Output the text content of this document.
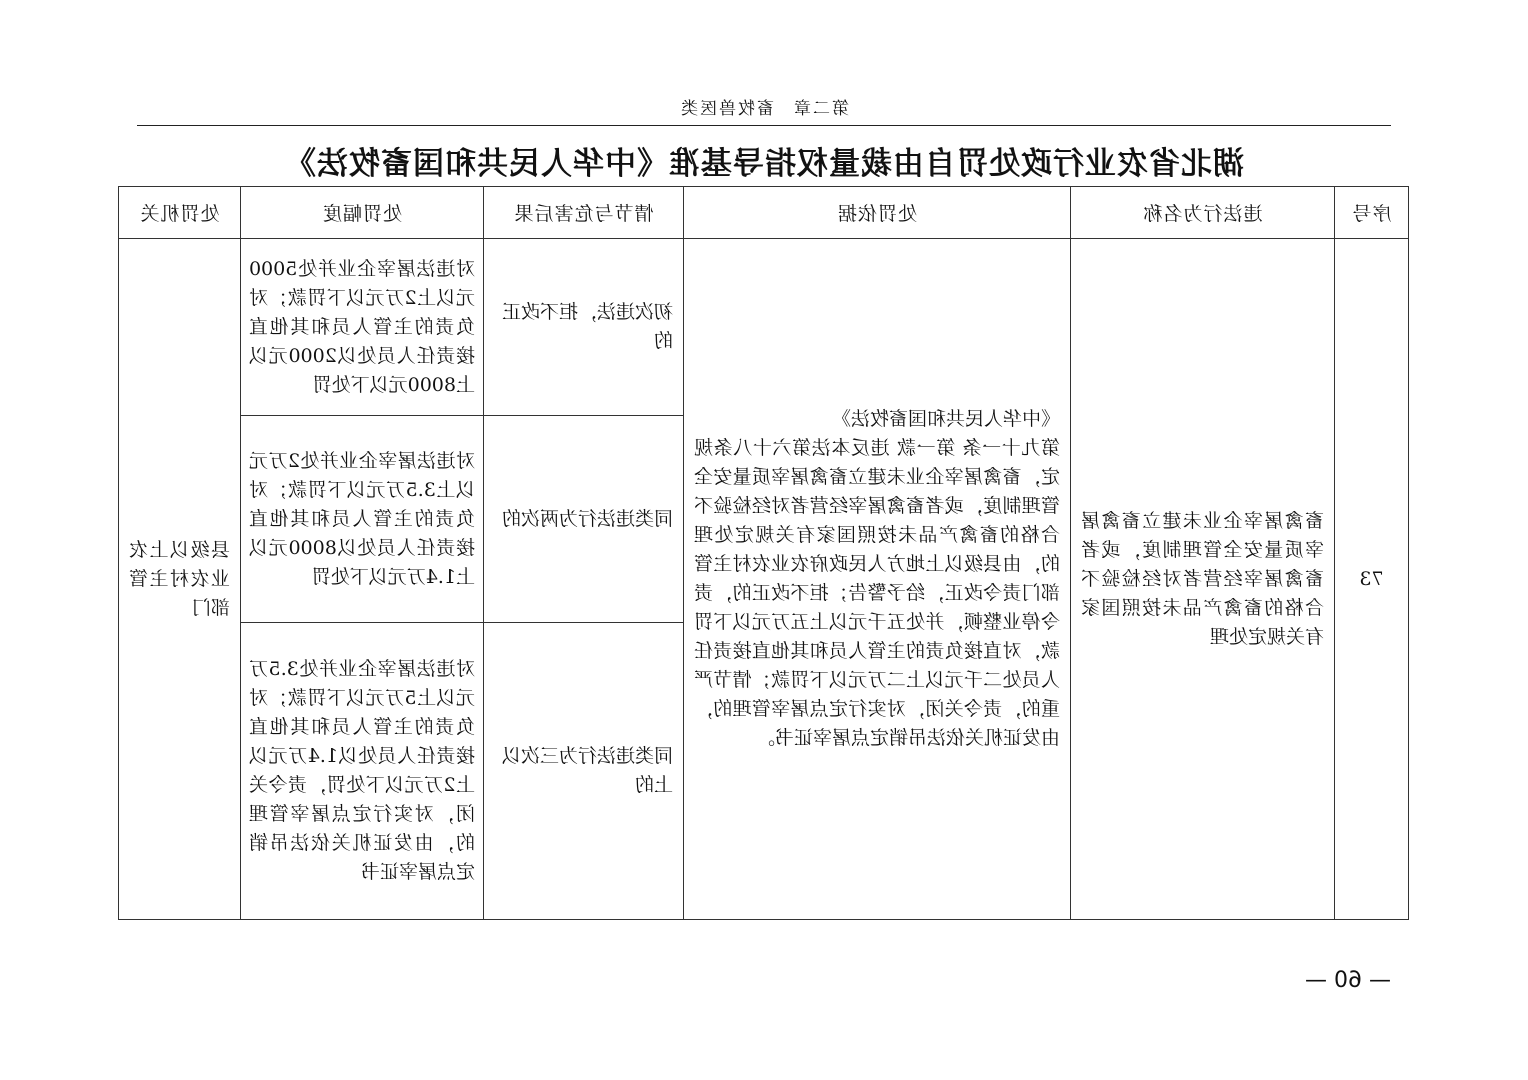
第二章畜牧兽医类
湖北省农业行政处罚自由裁量权指导基准《中华人民共和国畜牧法》
序号	违法行为名称	处罚依据	情节与危害后果	处罚幅度	处罚机关
73	畜禽屠宰企业未建立畜禽屠宰质量安全管理制度，或者畜禽屠宰经营者对经检验不合格的畜禽产品未按照国家有关规定处理	《中华人民共和国畜牧法》
第九十一条 第一款 违反本法第六十八条规定，畜禽屠宰企业未建立畜禽屠宰质量安全管理制度，或者畜禽屠宰经营者对经检验不合格的畜禽产品未按照国家有关规定处理的，由县级以上地方人民政府农业农村主管部门责令改正，给予警告；拒不改正的，责令停业整顿，并处五千元以上五万元以下罚款，对直接负责的主管人员和其他直接责任人员处二千元以上二万元以下罚款；情节严重的，责令关闭，对实行定点屠宰管理的，由发证机关依法吊销定点屠宰证书。	初次违法，拒不改正的	对违法屠宰企业并处5000元以上2万元以下罚款；对负责的主管人员和其他直接责任人员处以2000元以上8000元以下处罚	县级以上农业农村主管部门
			同类违法行为两次的	对违法屠宰企业并处2万元以上3.5万元以下罚款；对负责的主管人员和其他直接责任人员处以8000元以上1.4万元以下处罚	
			同类违法行为三次以上的	对违法屠宰企业并处3.5万元以上5万元以下罚款；对负责的主管人员和其他直接责任人员处以1.4万元以上2万元以下处罚，责令关闭，对实行定点屠宰管理的，由发证机关依法吊销定点屠宰证书	
— 60 —
